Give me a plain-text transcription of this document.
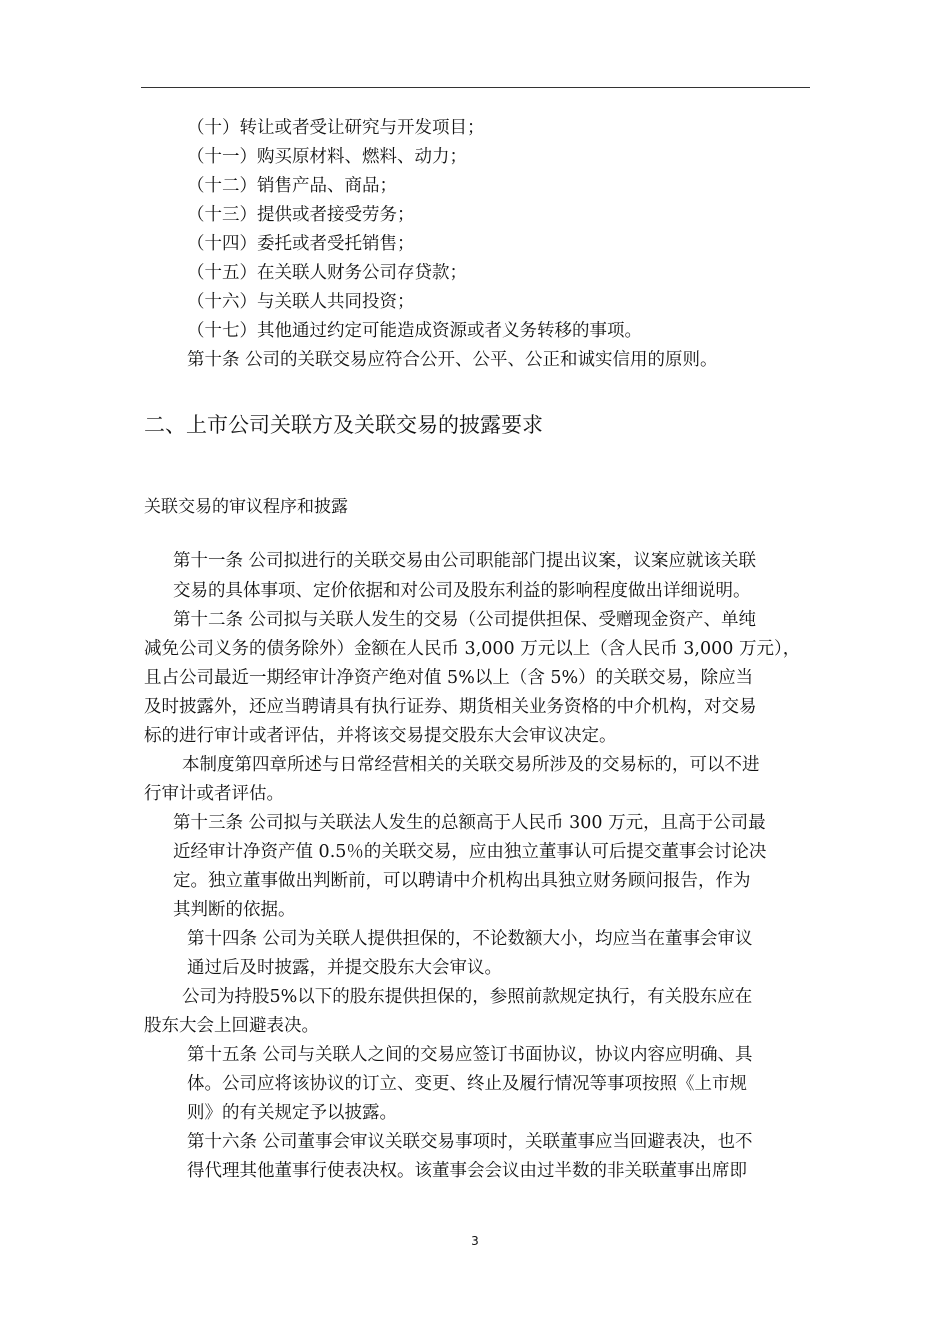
（十）转让或者受让研究与开发项目；
（十一）购买原材料、燃料、动力；
（十二）销售产品、商品；
（十三）提供或者接受劳务；
（十四）委托或者受托销售；
（十五）在关联人财务公司存贷款；
（十六）与关联人共同投资；
（十七）其他通过约定可能造成资源或者义务转移的事项。
第十条 公司的关联交易应符合公开、公平、公正和诚实信用的原则。
二、上市公司关联方及关联交易的披露要求
关联交易的审议程序和披露
第十一条 公司拟进行的关联交易由公司职能部门提出议案，议案应就该关联
交易的具体事项、定价依据和对公司及股东利益的影响程度做出详细说明。
第十二条 公司拟与关联人发生的交易（公司提供担保、受赠现金资产、单纯
减免公司义务的债务除外）金额在人民币 3,000 万元以上（含人民币 3,000 万元），
且占公司最近一期经审计净资产绝对值 5%以上（含 5%）的关联交易，除应当
及时披露外，还应当聘请具有执行证券、期货相关业务资格的中介机构，对交易
标的进行审计或者评估，并将该交易提交股东大会审议决定。
本制度第四章所述与日常经营相关的关联交易所涉及的交易标的，可以不进
行审计或者评估。
第十三条 公司拟与关联法人发生的总额高于人民币 300 万元，且高于公司最
近经审计净资产值 0.5％的关联交易，应由独立董事认可后提交董事会讨论决
定。独立董事做出判断前，可以聘请中介机构出具独立财务顾问报告，作为
其判断的依据。
第十四条 公司为关联人提供担保的，不论数额大小，均应当在董事会审议
通过后及时披露，并提交股东大会审议。
公司为持股5%以下的股东提供担保的，参照前款规定执行，有关股东应在
股东大会上回避表决。
第十五条 公司与关联人之间的交易应签订书面协议，协议内容应明确、具
体。公司应将该协议的订立、变更、终止及履行情况等事项按照《上市规
则》的有关规定予以披露。
第十六条 公司董事会审议关联交易事项时，关联董事应当回避表决，也不
得代理其他董事行使表决权。该董事会会议由过半数的非关联董事出席即
3
